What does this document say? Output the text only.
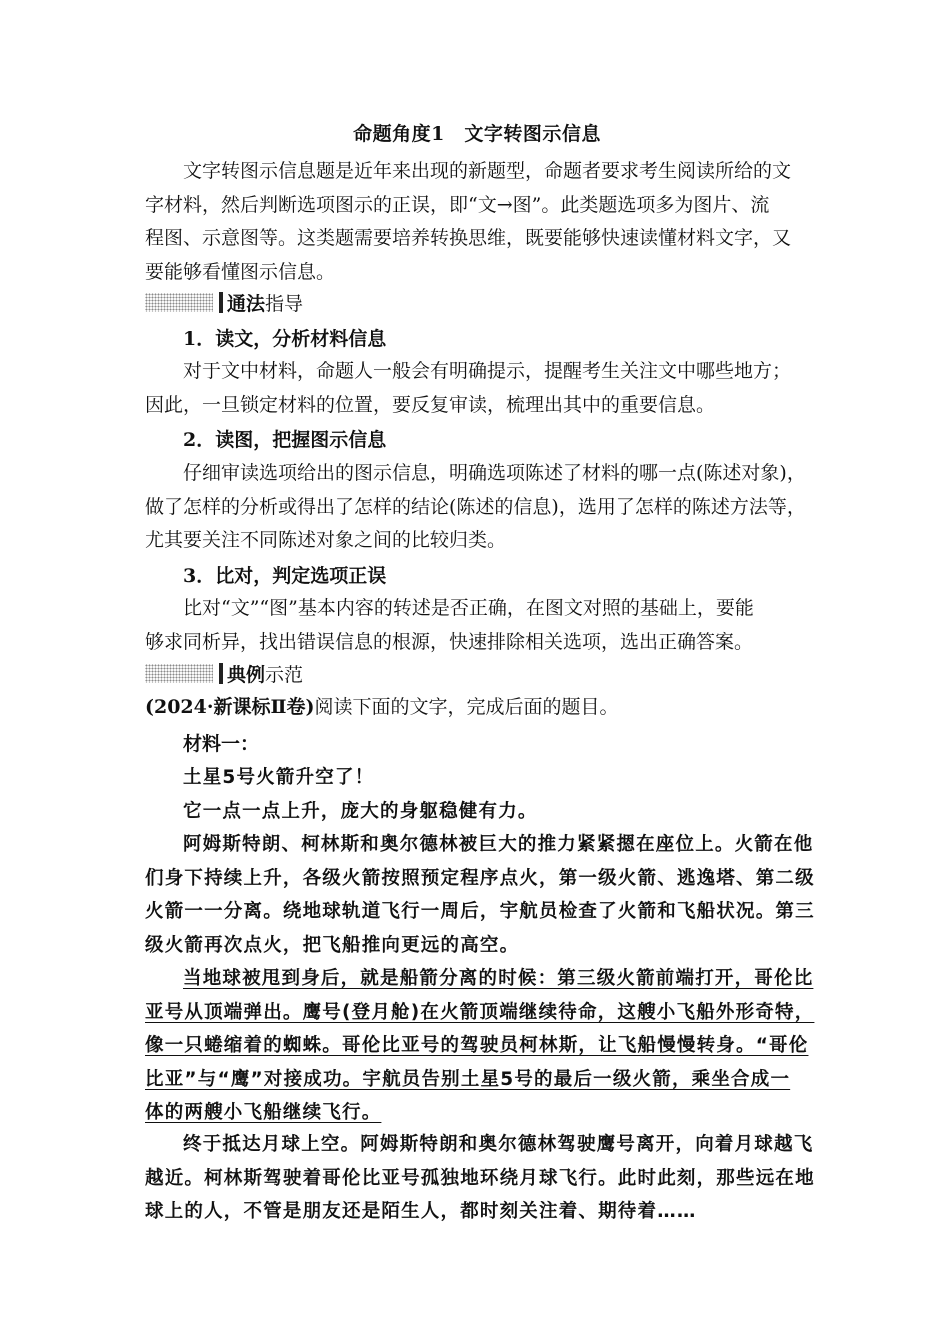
命题角度1　文字转图示信息

文字转图示信息题是近年来出现的新题型，命题者要求考生阅读所给的文
字材料，然后判断选项图示的正误，即“文→图”。此类题选项多为图片、流
程图、示意图等。这类题需要培养转换思维，既要能够快速读懂材料文字，又
要能够看懂图示信息。

通法指导
1．读文，分析材料信息

对于文中材料，命题人一般会有明确提示，提醒考生关注文中哪些地方；
因此，一旦锁定材料的位置，要反复审读，梳理出其中的重要信息。

2．读图，把握图示信息

仔细审读选项给出的图示信息，明确选项陈述了材料的哪一点(陈述对象)，
做了怎样的分析或得出了怎样的结论(陈述的信息)，选用了怎样的陈述方法等，
尤其要关注不同陈述对象之间的比较归类。

3．比对，判定选项正误

比对“文”“图”基本内容的转述是否正确，在图文对照的基础上，要能
够求同析异，找出错误信息的根源，快速排除相关选项，选出正确答案。

典例示范

(2024·新课标Ⅱ卷)阅读下面的文字，完成后面的题目。

材料一：

土星5号火箭升空了！
它一点一点上升，庞大的身躯稳健有力。

阿姆斯特朗、柯林斯和奥尔德林被巨大的推力紧紧摁在座位上。火箭在他
们身下持续上升，各级火箭按照预定程序点火，第一级火箭、逃逸塔、第二级
火箭一一分离。绕地球轨道飞行一周后，宇航员检查了火箭和飞船状况。第三
级火箭再次点火，把飞船推向更远的高空。

当地球被甩到身后，就是船箭分离的时候：第三级火箭前端打开，哥伦比
亚号从顶端弹出。鹰号(登月舱)在火箭顶端继续待命，这艘小飞船外形奇特，
像一只蜷缩着的蜘蛛。哥伦比亚号的驾驶员柯林斯，让飞船慢慢转身。“哥伦
比亚”与“鹰”对接成功。宇航员告别土星5号的最后一级火箭，乘坐合成一
体的两艘小飞船继续飞行。

终于抵达月球上空。阿姆斯特朗和奥尔德林驾驶鹰号离开，向着月球越飞
越近。柯林斯驾驶着哥伦比亚号孤独地环绕月球飞行。此时此刻，那些远在地
球上的人，不管是朋友还是陌生人，都时刻关注着、期待着……
